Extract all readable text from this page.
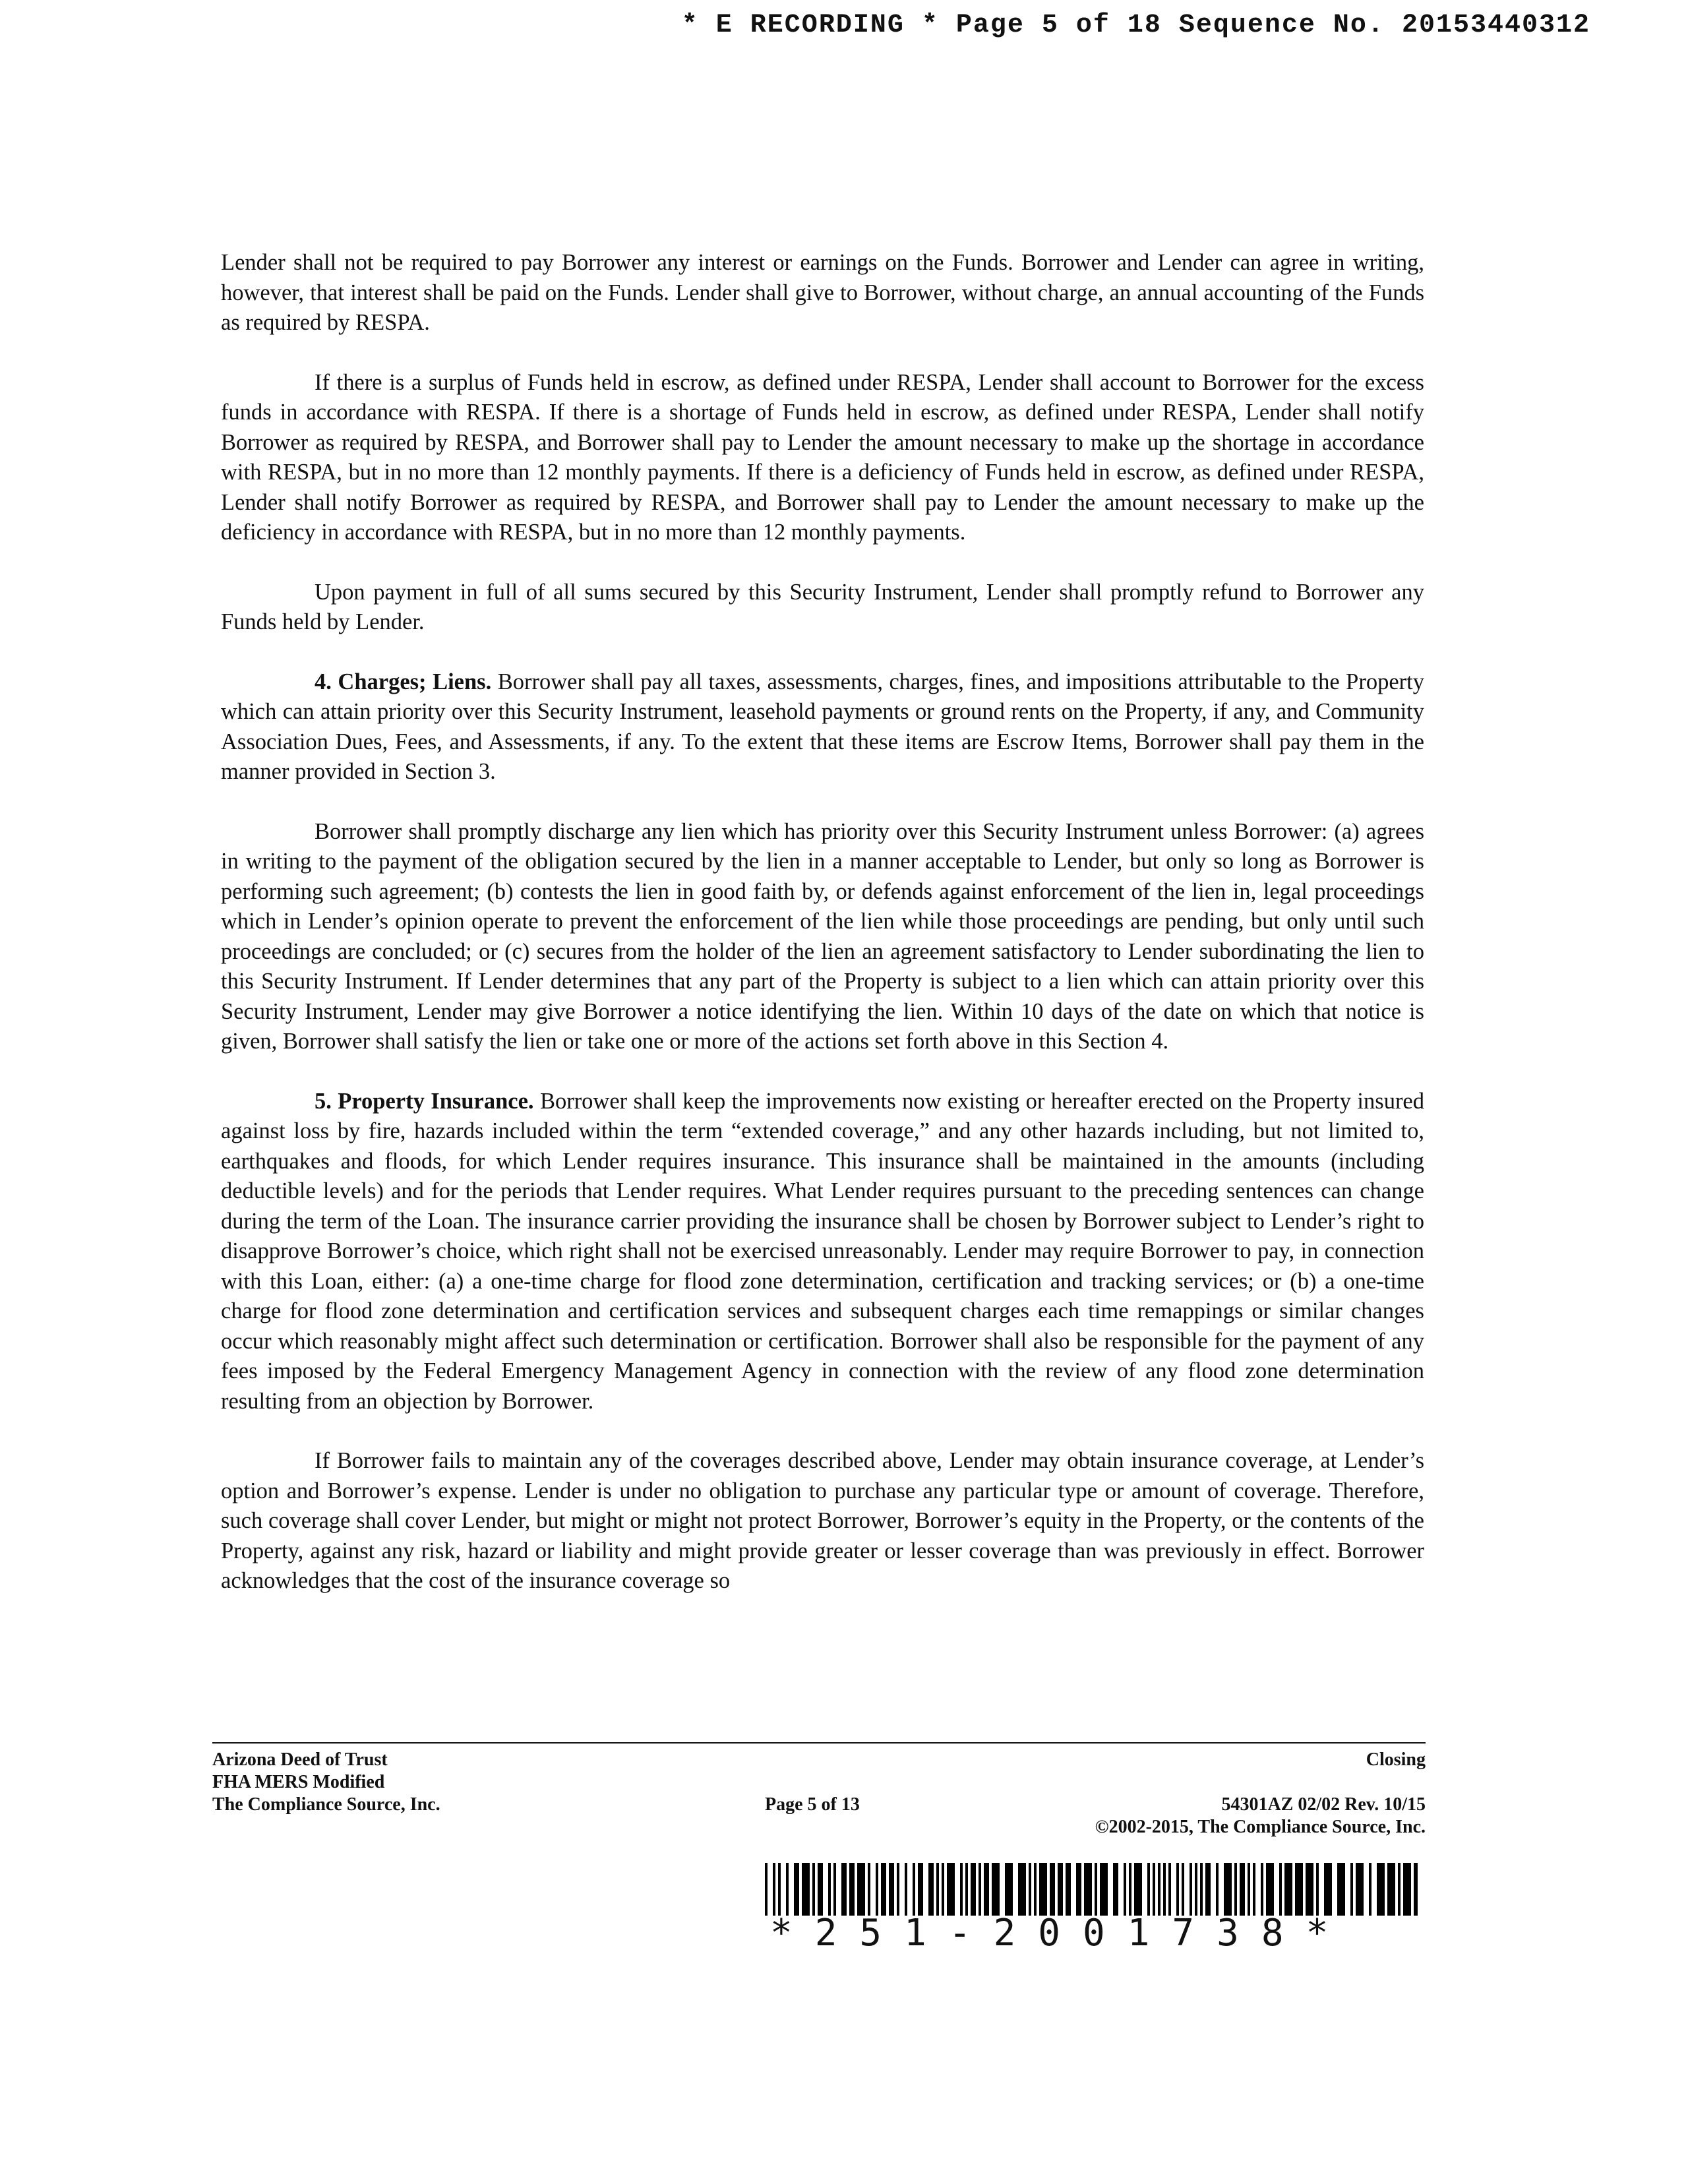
* E RECORDING * Page 5 of 18 Sequence No. 20153440312

Lender shall not be required to pay Borrower any interest or earnings on the Funds. Borrower and Lender can agree in writing, however, that interest shall be paid on the Funds. Lender shall give to Borrower, without charge, an annual accounting of the Funds as required by RESPA.

If there is a surplus of Funds held in escrow, as defined under RESPA, Lender shall account to Borrower for the excess funds in accordance with RESPA. If there is a shortage of Funds held in escrow, as defined under RESPA, Lender shall notify Borrower as required by RESPA, and Borrower shall pay to Lender the amount necessary to make up the shortage in accordance with RESPA, but in no more than 12 monthly payments. If there is a deficiency of Funds held in escrow, as defined under RESPA, Lender shall notify Borrower as required by RESPA, and Borrower shall pay to Lender the amount necessary to make up the deficiency in accordance with RESPA, but in no more than 12 monthly payments.

Upon payment in full of all sums secured by this Security Instrument, Lender shall promptly refund to Borrower any Funds held by Lender.

4. Charges; Liens. Borrower shall pay all taxes, assessments, charges, fines, and impositions attributable to the Property which can attain priority over this Security Instrument, leasehold payments or ground rents on the Property, if any, and Community Association Dues, Fees, and Assessments, if any. To the extent that these items are Escrow Items, Borrower shall pay them in the manner provided in Section 3.

Borrower shall promptly discharge any lien which has priority over this Security Instrument unless Borrower: (a) agrees in writing to the payment of the obligation secured by the lien in a manner acceptable to Lender, but only so long as Borrower is performing such agreement; (b) contests the lien in good faith by, or defends against enforcement of the lien in, legal proceedings which in Lender’s opinion operate to prevent the enforcement of the lien while those proceedings are pending, but only until such proceedings are concluded; or (c) secures from the holder of the lien an agreement satisfactory to Lender subordinating the lien to this Security Instrument. If Lender determines that any part of the Property is subject to a lien which can attain priority over this Security Instrument, Lender may give Borrower a notice identifying the lien. Within 10 days of the date on which that notice is given, Borrower shall satisfy the lien or take one or more of the actions set forth above in this Section 4.

5. Property Insurance. Borrower shall keep the improvements now existing or hereafter erected on the Property insured against loss by fire, hazards included within the term “extended coverage,” and any other hazards including, but not limited to, earthquakes and floods, for which Lender requires insurance. This insurance shall be maintained in the amounts (including deductible levels) and for the periods that Lender requires. What Lender requires pursuant to the preceding sentences can change during the term of the Loan. The insurance carrier providing the insurance shall be chosen by Borrower subject to Lender’s right to disapprove Borrower’s choice, which right shall not be exercised unreasonably. Lender may require Borrower to pay, in connection with this Loan, either: (a) a one-time charge for flood zone determination, certification and tracking services; or (b) a one-time charge for flood zone determination and certification services and subsequent charges each time remappings or similar changes occur which reasonably might affect such determination or certification. Borrower shall also be responsible for the payment of any fees imposed by the Federal Emergency Management Agency in connection with the review of any flood zone determination resulting from an objection by Borrower.

If Borrower fails to maintain any of the coverages described above, Lender may obtain insurance coverage, at Lender’s option and Borrower’s expense. Lender is under no obligation to purchase any particular type or amount of coverage. Therefore, such coverage shall cover Lender, but might or might not protect Borrower, Borrower’s equity in the Property, or the contents of the Property, against any risk, hazard or liability and might provide greater or lesser coverage than was previously in effect. Borrower acknowledges that the cost of the insurance coverage so

Arizona Deed of Trust
FHA MERS Modified
The Compliance Source, Inc.	Page 5 of 13
Closing
54301AZ 02/02 Rev. 10/15
©2002-2015, The Compliance Source, Inc.
*251-2001738*
